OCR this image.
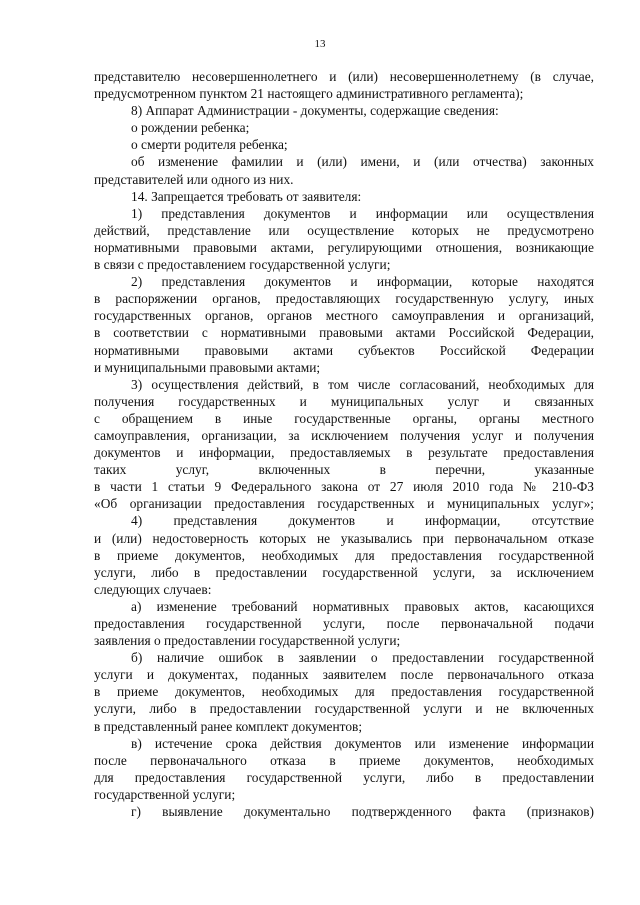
13
представителю несовершеннолетнего и (или) несовершеннолетнему (в случае,
предусмотренном пунктом 21 настоящего административного регламента);
8) Аппарат Администрации - документы, содержащие сведения:
о рождении ребенка;
о смерти родителя ребенка;
об изменение фамилии и (или) имени, и (или отчества) законных
представителей или одного из них.
14. Запрещается требовать от заявителя:
1) представления документов и информации или осуществления
действий, представление или осуществление которых не предусмотрено
нормативными правовыми актами, регулирующими отношения, возникающие
в связи с предоставлением государственной услуги;
2) представления документов и информации, которые находятся
в распоряжении органов, предоставляющих государственную услугу, иных
государственных органов, органов местного самоуправления и организаций,
в соответствии с нормативными правовыми актами Российской Федерации,
нормативными правовыми актами субъектов Российской Федерации
и муниципальными правовыми актами;
3) осуществления действий, в том числе согласований, необходимых для
получения государственных и муниципальных услуг и связанных
с обращением в иные государственные органы, органы местного
самоуправления, организации, за исключением получения услуг и получения
документов и информации, предоставляемых в результате предоставления
таких услуг, включенных в перечни, указанные
в части 1 статьи 9 Федерального закона от 27 июля 2010 года № 210-ФЗ
«Об организации предоставления государственных и муниципальных услуг»;
4) представления документов и информации, отсутствие
и (или) недостоверность которых не указывались при первоначальном отказе
в приеме документов, необходимых для предоставления государственной
услуги, либо в предоставлении государственной услуги, за исключением
следующих случаев:
а) изменение требований нормативных правовых актов, касающихся
предоставления государственной услуги, после первоначальной подачи
заявления о предоставлении государственной услуги;
б) наличие ошибок в заявлении о предоставлении государственной
услуги и документах, поданных заявителем после первоначального отказа
в приеме документов, необходимых для предоставления государственной
услуги, либо в предоставлении государственной услуги и не включенных
в представленный ранее комплект документов;
в) истечение срока действия документов или изменение информации
после первоначального отказа в приеме документов, необходимых
для предоставления государственной услуги, либо в предоставлении
государственной услуги;
г) выявление документально подтвержденного факта (признаков)
